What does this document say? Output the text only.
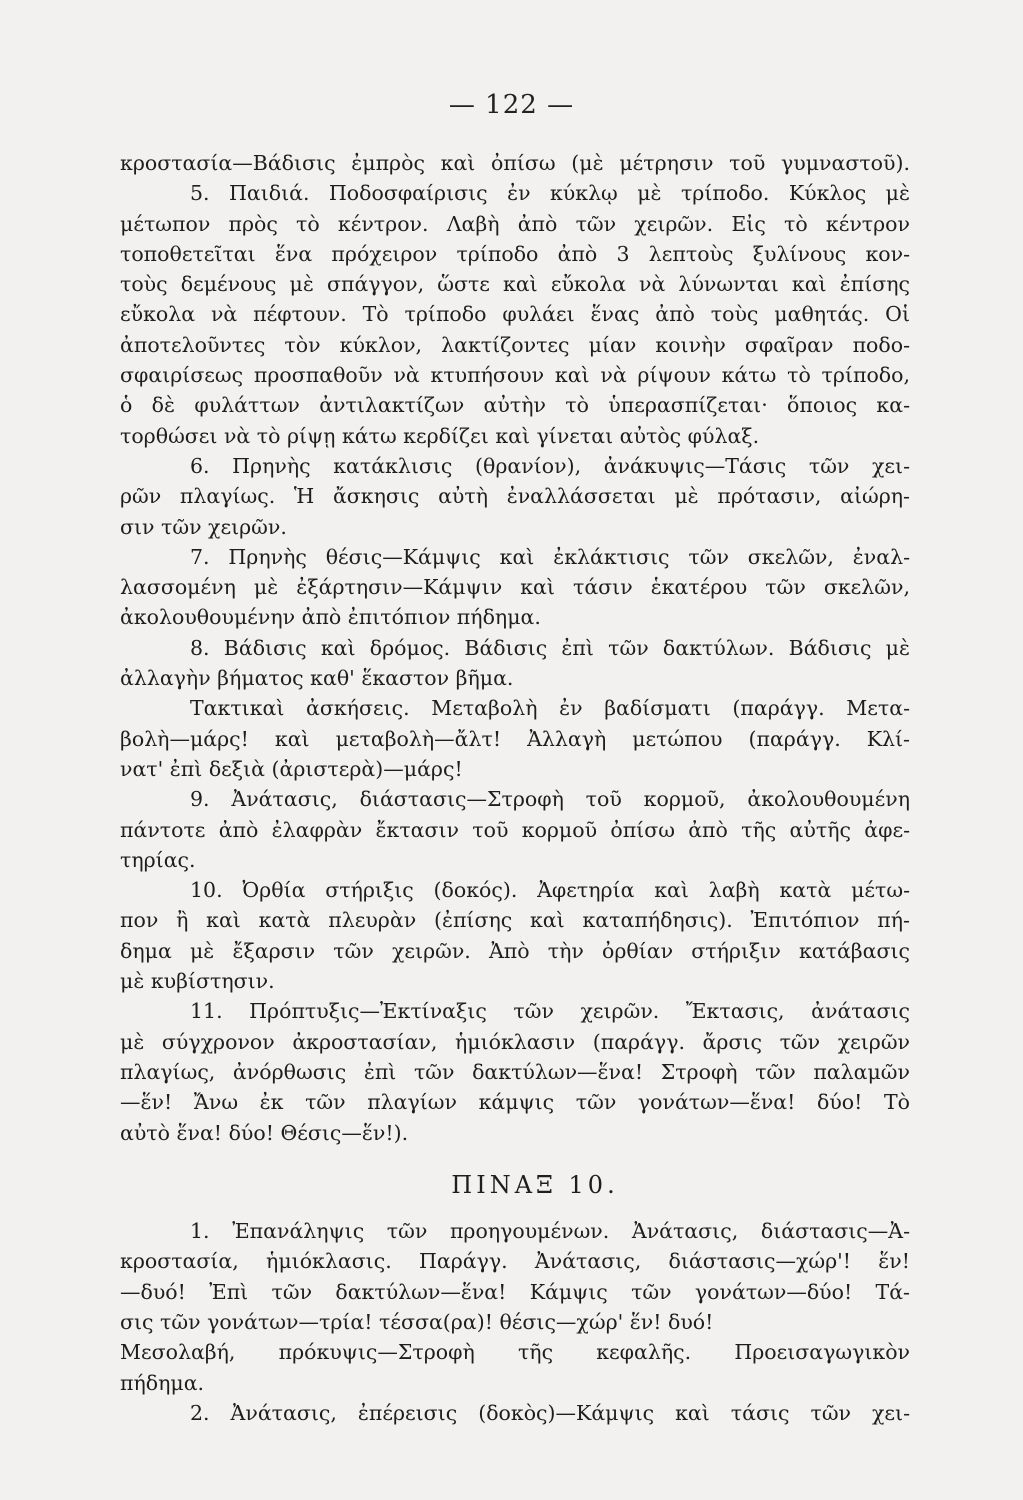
— 122 —
κροστασία—Βάδισις ἐμπρὸς καὶ ὀπίσω (μὲ μέτρησιν τοῦ γυμναστοῦ).
5. Παιδιά. Ποδοσφαίρισις ἐν κύκλῳ μὲ τρίποδο. Κύκλος μὲ
μέτωπον πρὸς τὸ κέντρον. Λαβὴ ἀπὸ τῶν χειρῶν. Εἰς τὸ κέντρον
τοποθετεῖται ἕνα πρόχειρον τρίποδο ἀπὸ 3 λεπτοὺς ξυλίνους κον-
τοὺς δεμένους μὲ σπάγγον, ὥστε καὶ εὔκολα νὰ λύνωνται καὶ ἐπίσης
εὔκολα νὰ πέφτουν. Τὸ τρίποδο φυλάει ἕνας ἀπὸ τοὺς μαθητάς. Οἱ
ἀποτελοῦντες τὸν κύκλον, λακτίζοντες μίαν κοινὴν σφαῖραν ποδο-
σφαιρίσεως προσπαθοῦν νὰ κτυπήσουν καὶ νὰ ρίψουν κάτω τὸ τρίποδο,
ὁ δὲ φυλάττων ἀντιλακτίζων αὐτὴν τὸ ὑπερασπίζεται· ὅποιος κα-
τορθώσει νὰ τὸ ρίψῃ κάτω κερδίζει καὶ γίνεται αὐτὸς φύλαξ.
6. Πρηνὴς κατάκλισις (θρανίον), ἀνάκυψις—Τάσις τῶν χει-
ρῶν πλαγίως. Ἡ ἄσκησις αὐτὴ ἐναλλάσσεται μὲ πρότασιν, αἰώρη-
σιν τῶν χειρῶν.
7. Πρηνὴς θέσις—Κάμψις καὶ ἐκλάκτισις τῶν σκελῶν, ἐναλ-
λασσομένη μὲ ἐξάρτησιν—Κάμψιν καὶ τάσιν ἑκατέρου τῶν σκελῶν,
ἀκολουθουμένην ἀπὸ ἐπιτόπιον πήδημα.
8. Βάδισις καὶ δρόμος. Βάδισις ἐπὶ τῶν δακτύλων. Βάδισις μὲ
ἀλλαγὴν βήματος καθ' ἕκαστον βῆμα.
Τακτικαὶ ἀσκήσεις. Μεταβολὴ ἐν βαδίσματι (παράγγ. Μετα-
βολὴ—μάρς! καὶ μεταβολὴ—ἄλτ! Ἀλλαγὴ μετώπου (παράγγ. Κλί-
νατ' ἐπὶ δεξιὰ (ἀριστερὰ)—μάρς!
9. Ἀνάτασις, διάστασις—Στροφὴ τοῦ κορμοῦ, ἀκολουθουμένη
πάντοτε ἀπὸ ἐλαφρὰν ἔκτασιν τοῦ κορμοῦ ὀπίσω ἀπὸ τῆς αὐτῆς ἀφε-
τηρίας.
10. Ὀρθία στήριξις (δοκός). Ἀφετηρία καὶ λαβὴ κατὰ μέτω-
πον ἢ καὶ κατὰ πλευρὰν (ἐπίσης καὶ καταπήδησις). Ἐπιτόπιον πή-
δημα μὲ ἔξαρσιν τῶν χειρῶν. Ἀπὸ τὴν ὀρθίαν στήριξιν κατάβασις
μὲ κυβίστησιν.
11. Πρόπτυξις—Ἐκτίναξις τῶν χειρῶν. Ἔκτασις, ἀνάτασις
μὲ σύγχρονον ἀκροστασίαν, ἡμιόκλασιν (παράγγ. ἄρσις τῶν χειρῶν
πλαγίως, ἀνόρθωσις ἐπὶ τῶν δακτύλων—ἕνα! Στροφὴ τῶν παλαμῶν
—ἕν! Ἄνω ἐκ τῶν πλαγίων κάμψις τῶν γονάτων—ἕνα! δύο! Τὸ
αὐτὸ ἕνα! δύο! Θέσις—ἕν!).
ΠΙΝΑΞ 10.
1. Ἐπανάληψις τῶν προηγουμένων. Ἀνάτασις, διάστασις—Ἀ-
κροστασία, ἡμιόκλασις. Παράγγ. Ἀνάτασις, διάστασις—χώρ'! ἕν!
—δυό! Ἐπὶ τῶν δακτύλων—ἕνα! Κάμψις τῶν γονάτων—δύο! Τά-
σις τῶν γονάτων—τρία! τέσσα(ρα)! θέσις—χώρ' ἕν! δυό!
Μεσολαβή, πρόκυψις—Στροφὴ τῆς κεφαλῆς. Προεισαγωγικὸν
πήδημα.
2. Ἀνάτασις, ἐπέρεισις (δοκὸς)—Κάμψις καὶ τάσις τῶν χει-
